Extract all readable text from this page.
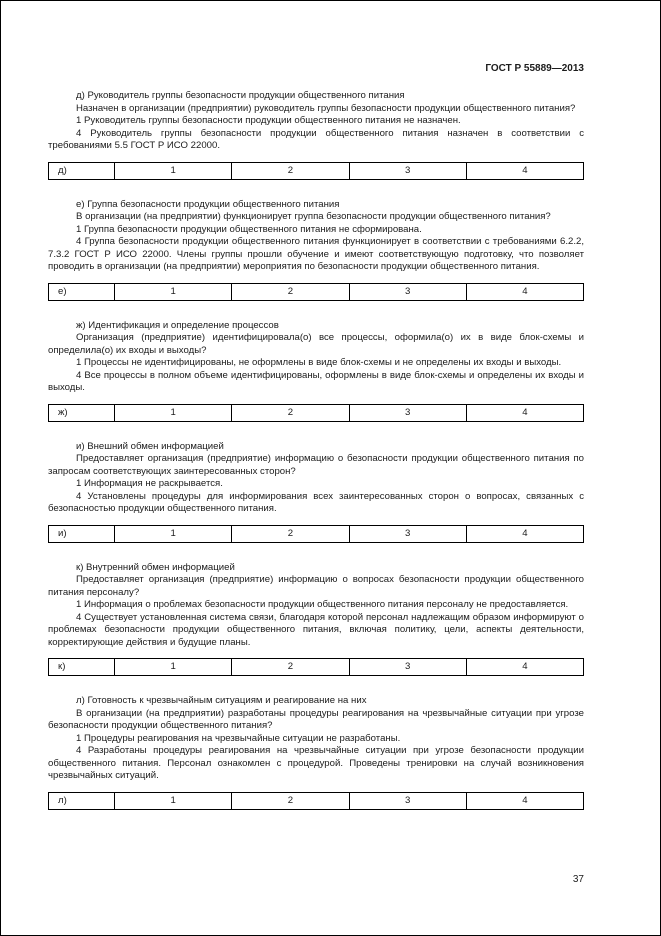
ГОСТ Р 55889—2013

д) Руководитель группы безопасности продукции общественного питания

Назначен в организации (предприятии) руководитель группы безопасности продукции общественного питания?

1 Руководитель группы безопасности продукции общественного питания не назначен.

4 Руководитель группы безопасности продукции общественного питания назначен в соответствии с требованиями 5.5 ГОСТ Р ИСО 22000.

д)	1	2	3	4

е) Группа безопасности продукции общественного питания

В организации (на предприятии) функционирует группа безопасности продукции общественного питания?

1 Группа безопасности продукции общественного питания не сформирована.

4 Группа безопасности продукции общественного питания функционирует в соответствии с требованиями 6.2.2, 7.3.2 ГОСТ Р ИСО 22000. Члены группы прошли обучение и имеют соответствующую подготовку, что позволяет проводить в организации (на предприятии) мероприятия по безопасности продукции общественного питания.

е)	1	2	3	4

ж) Идентификация и определение процессов

Организация (предприятие) идентифицировала(о) все процессы, оформила(о) их в виде блок-схемы и определила(о) их входы и выходы?

1 Процессы не идентифицированы, не оформлены в виде блок-схемы и не определены их входы и выходы.

4 Все процессы в полном объеме идентифицированы, оформлены в виде блок-схемы и определены их входы и выходы.

ж)	1	2	3	4

и) Внешний обмен информацией

Предоставляет организация (предприятие) информацию о безопасности продукции общественного питания по запросам соответствующих заинтересованных сторон?

1 Информация не раскрывается.

4 Установлены процедуры для информирования всех заинтересованных сторон о вопросах, связанных с безопасностью продукции общественного питания.

и)	1	2	3	4

к) Внутренний обмен информацией

Предоставляет организация (предприятие) информацию о вопросах безопасности продукции общественного питания персоналу?

1 Информация о проблемах безопасности продукции общественного питания персоналу не предоставляется.

4 Существует установленная система связи, благодаря которой персонал надлежащим образом информируют о проблемах безопасности продукции общественного питания, включая политику, цели, аспекты деятельности, корректирующие действия и будущие планы.

к)	1	2	3	4

л) Готовность к чрезвычайным ситуациям и реагирование на них

В организации (на предприятии) разработаны процедуры реагирования на чрезвычайные ситуации при угрозе безопасности продукции общественного питания?

1 Процедуры реагирования на чрезвычайные ситуации не разработаны.

4 Разработаны процедуры реагирования на чрезвычайные ситуации при угрозе безопасности продукции общественного питания. Персонал ознакомлен с процедурой. Проведены тренировки на случай возникновения чрезвычайных ситуаций.

л)	1	2	3	4
37
